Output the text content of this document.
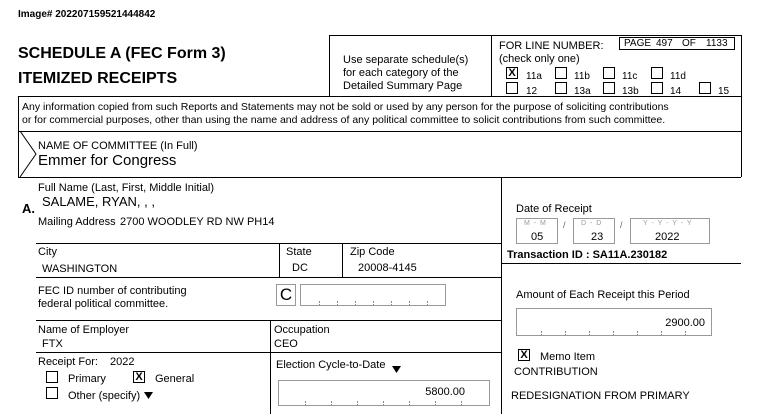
Image# 202207159521444842
SCHEDULE A (FEC Form 3)
ITEMIZED RECEIPTS
Use separate schedule(s)
for each category of the
Detailed Summary Page
FOR LINE NUMBER:
(check only one)
PAGE 497 OF 1133
X 11a	11b	11c	11d
12	13a	13b	14	15
Any information copied from such Reports and Statements may not be sold or used by any person for the purpose of soliciting contributions
or for commercial purposes, other than using the name and address of any political committee to solicit contributions from such committee.
NAME OF COMMITTEE (In Full)
Emmer for Congress
A.
Full Name (Last, First, Middle Initial)
SALAME, RYAN, , ,
Mailing Address 2700 WOODLEY RD NW PH14
City
WASHINGTON
State
DC
Zip Code
20008-4145
FEC ID number of contributing
federal political committee.	C
Name of Employer
FTX
Occupation
CEO
Receipt For: 2022
Primary	X General
Other (specify)
Election Cycle-to-Date
5800.00
Date of Receipt
M - M
05
/ D - D
23
/	Y - Y - Y - Y
2022
Transaction ID : SA11A.230182
Amount of Each Receipt this Period
2900.00
X Memo Item
CONTRIBUTION
REDESIGNATION FROM PRIMARY
